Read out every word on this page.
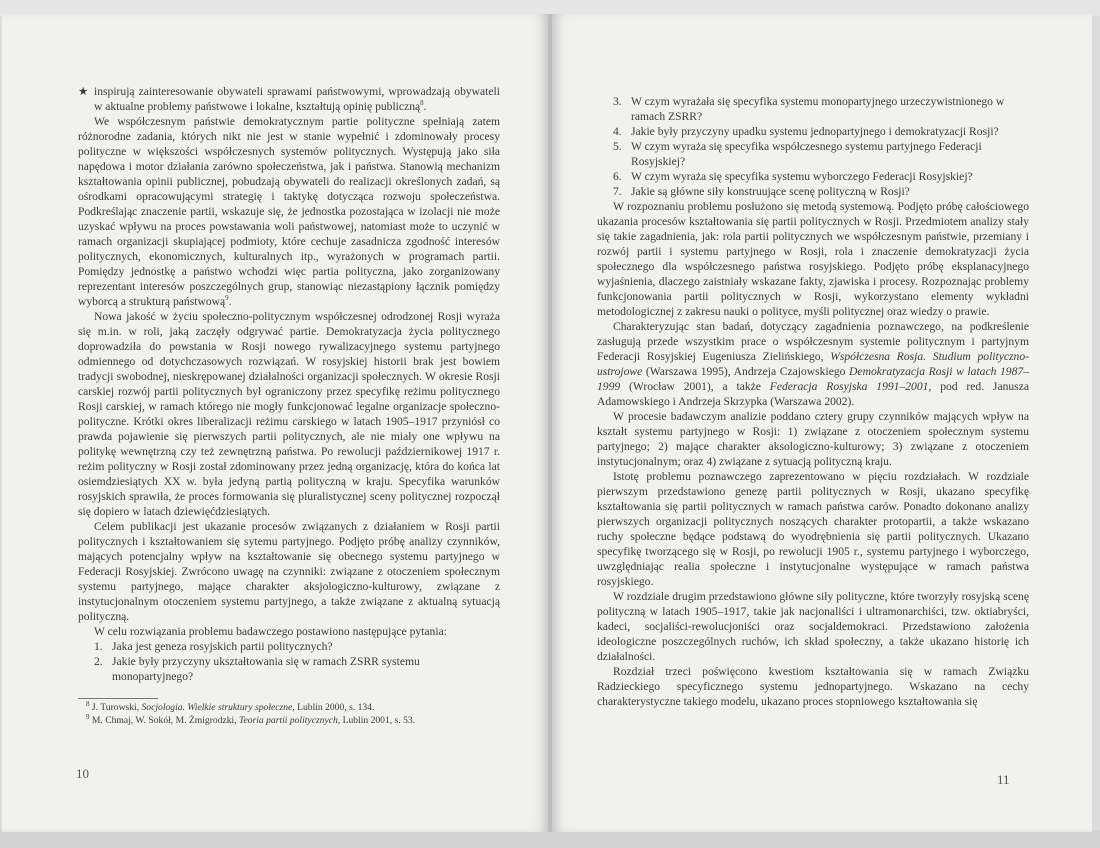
★ inspirują zainteresowanie obywateli sprawami państwowymi, wprowadzają obywateli w aktualne problemy państwowe i lokalne, kształtują opinię publiczną$^8$.

We współczesnym państwie demokratycznym partie polityczne spełniają zatem różnorodne zadania, których nikt nie jest w stanie wypełnić i zdominowały procesy polityczne w większości współczesnych systemów politycznych. Występują jako siła napędowa i motor działania zarówno społeczeństwa, jak i państwa. Stanowią mechanizm kształtowania opinii publicznej, pobudzają obywateli do realizacji określonych zadań, są ośrodkami opracowującymi strategię i taktykę dotycząca rozwoju społeczeństwa. Podkreślając znaczenie partii, wskazuje się, że jednostka pozostająca w izolacji nie może uzyskać wpływu na proces powstawania woli państwowej, natomiast może to uczynić w ramach organizacji skupiającej podmioty, które cechuje zasadnicza zgodność interesów politycznych, ekonomicznych, kulturalnych itp., wyrażonych w programach partii. Pomiędzy jednostkę a państwo wchodzi więc partia polityczna, jako zorganizowany reprezentant interesów poszczególnych grup, stanowiąc niezastąpiony łącznik pomiędzy wyborcą a strukturą państwową$^9$.

Nowa jakość w życiu społeczno-politycznym współczesnej odrodzonej Rosji wyraża się m.in. w roli, jaką zaczęły odgrywać partie. Demokratyzacja życia politycznego doprowadziła do powstania w Rosji nowego rywalizacyjnego systemu partyjnego odmiennego od dotychczasowych rozwiązań. W rosyjskiej historii brak jest bowiem tradycji swobodnej, nieskrępowanej działalności organizacji społecznych. W okresie Rosji carskiej rozwój partii politycznych był ograniczony przez specyfikę reżimu politycznego Rosji carskiej, w ramach którego nie mogły funkcjonować legalne organizacje społeczno-polityczne. Krótki okres liberalizacji reżimu carskiego w latach 1905–1917 przyniósł co prawda pojawienie się pierwszych partii politycznych, ale nie miały one wpływu na politykę wewnętrzną czy też zewnętrzną państwa. Po rewolucji październikowej 1917 r. reżim polityczny w Rosji został zdominowany przez jedną organizację, która do końca lat osiemdziesiątych XX w. była jedyną partią polityczną w kraju. Specyfika warunków rosyjskich sprawiła, że proces formowania się pluralistycznej sceny politycznej rozpoczął się dopiero w latach dziewięćdziesiątych.

Celem publikacji jest ukazanie procesów związanych z działaniem w Rosji partii politycznych i kształtowaniem się sytemu partyjnego. Podjęto próbę analizy czynników, mających potencjalny wpływ na kształtowanie się obecnego systemu partyjnego w Federacji Rosyjskiej. Zwrócono uwagę na czynniki: związane z otoczeniem społecznym systemu partyjnego, mające charakter aksjologiczno-kulturowy, związane z instytucjonalnym otoczeniem systemu partyjnego, a także związane z aktualną sytuacją polityczną.

W celu rozwiązania problemu badawczego postawiono następujące pytania:

1. Jaka jest geneza rosyjskich partii politycznych?
2. Jakie były przyczyny ukształtowania się w ramach ZSRR systemu monopartyjnego?

$^8$ J. Turowski, Socjologia. Wielkie struktury społeczne, Lublin 2000, s. 134.

$^9$ M. Chmaj, W. Sokół, M. Żmigrodzki, Teoria partii politycznych, Lublin 2001, s. 53.

10
3. W czym wyrażała się specyfika systemu monopartyjnego urzeczywistnionego w ramach ZSRR?
4. Jakie były przyczyny upadku systemu jednopartyjnego i demokratyzacji Rosji?
5. W czym wyraża się specyfika współczesnego systemu partyjnego Federacji Rosyjskiej?
6. W czym wyraża się specyfika systemu wyborczego Federacji Rosyjskiej?
7. Jakie są główne siły konstruujące scenę polityczną w Rosji?

W rozpoznaniu problemu posłużono się metodą systemową. Podjęto próbę całościowego ukazania procesów kształtowania się partii politycznych w Rosji. Przedmiotem analizy stały się takie zagadnienia, jak: rola partii politycznych we współczesnym państwie, przemiany i rozwój partii i systemu partyjnego w Rosji, rola i znaczenie demokratyzacji życia społecznego dla współczesnego państwa rosyjskiego. Podjęto próbę eksplanacyjnego wyjaśnienia, dlaczego zaistniały wskazane fakty, zjawiska i procesy. Rozpoznając problemy funkcjonowania partii politycznych w Rosji, wykorzystano elementy wykładni metodologicznej z zakresu nauki o polityce, myśli politycznej oraz wiedzy o prawie.

Charakteryzując stan badań, dotyczący zagadnienia poznawczego, na podkreślenie zasługują przede wszystkim prace o współczesnym systemie politycznym i partyjnym Federacji Rosyjskiej Eugeniusza Zielińskiego, Współczesna Rosja. Studium polityczno-ustrojowe (Warszawa 1995), Andrzeja Czajowskiego Demokratyzacja Rosji w latach 1987–1999 (Wrocław 2001), a także Federacja Rosyjska 1991–2001, pod red. Janusza Adamowskiego i Andrzeja Skrzypka (Warszawa 2002).

W procesie badawczym analizie poddano cztery grupy czynników mających wpływ na kształt systemu partyjnego w Rosji: 1) związane z otoczeniem społecznym systemu partyjnego; 2) mające charakter aksologiczno-kulturowy; 3) związane z otoczeniem instytucjonalnym; oraz 4) związane z sytuacją polityczną kraju.

Istotę problemu poznawczego zaprezentowano w pięciu rozdziałach. W rozdziale pierwszym przedstawiono genezę partii politycznych w Rosji, ukazano specyfikę kształtowania się partii politycznych w ramach państwa carów. Ponadto dokonano analizy pierwszych organizacji politycznych noszących charakter protopartii, a także wskazano ruchy społeczne będące podstawą do wyodrębnienia się partii politycznych. Ukazano specyfikę tworzącego się w Rosji, po rewolucji 1905 r., systemu partyjnego i wyborczego, uwzględniając realia społeczne i instytucjonalne występujące w ramach państwa rosyjskiego.

W rozdziale drugim przedstawiono główne siły polityczne, które tworzyły rosyjską scenę polityczną w latach 1905–1917, takie jak nacjonaliści i ultramonarchiści, tzw. oktiabryści, kadeci, socjaliści-rewolucjoniści oraz socjaldemokraci. Przedstawiono założenia ideologiczne poszczególnych ruchów, ich skład społeczny, a także ukazano historię ich działalności.

Rozdział trzeci poświęcono kwestiom kształtowania się w ramach Związku Radzieckiego specyficznego systemu jednopartyjnego. Wskazano na cechy charakterystyczne takiego modelu, ukazano proces stopniowego kształtowania się

11
